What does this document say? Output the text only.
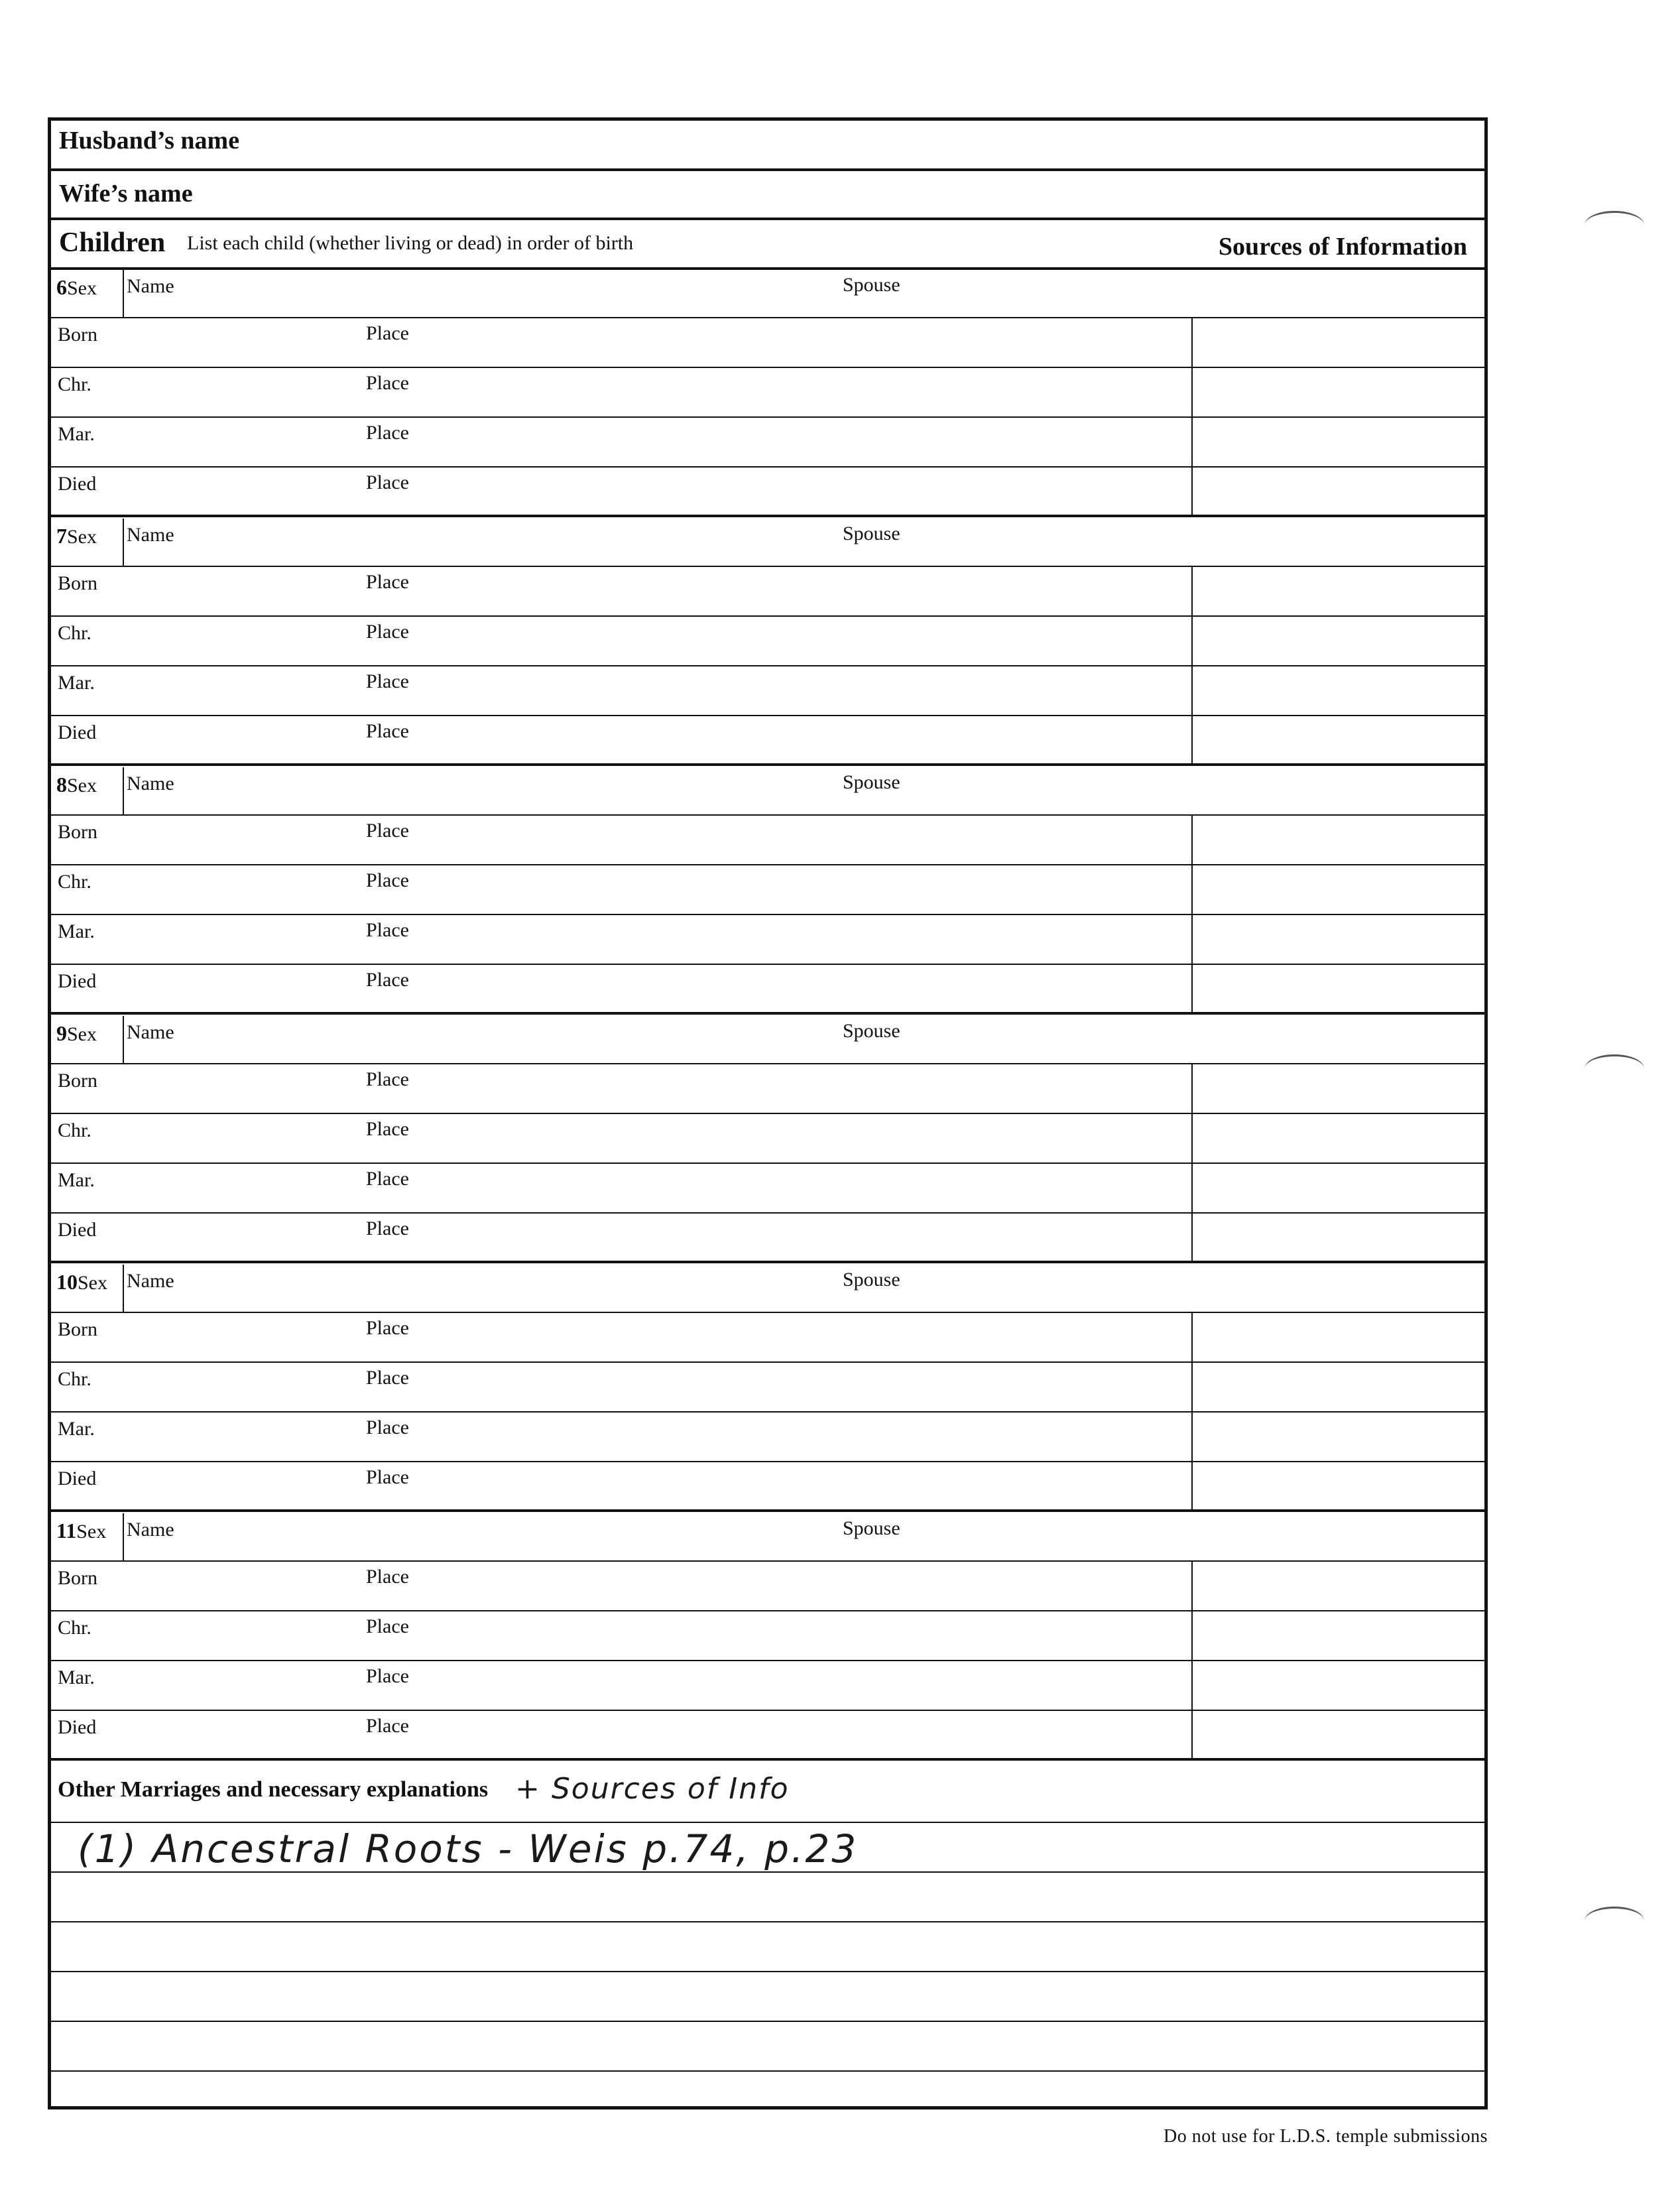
Husband’s name
Wife’s name
Children List each child (whether living or dead) in order of birth	Sources of Information
6Sex Name	Spouse
Born	Place
Chr.	Place
Mar.	Place
Died	Place
7Sex Name	Spouse
Born	Place
Chr.	Place
Mar.	Place
Died	Place
8Sex Name	Spouse
Born	Place
Chr.	Place
Mar.	Place
Died	Place
9Sex Name	Spouse
Born	Place
Chr.	Place
Mar.	Place
Died	Place
10Sex Name	Spouse
Born	Place
Chr.	Place
Mar.	Place
Died	Place
11Sex Name	Spouse
Born	Place
Chr.	Place
Mar.	Place
Died	Place
Other Marriages and necessary explanations + Sources of Info
(1) Ancestral Roots - Weis p.74, p.23
Do not use for L.D.S. temple submissions
